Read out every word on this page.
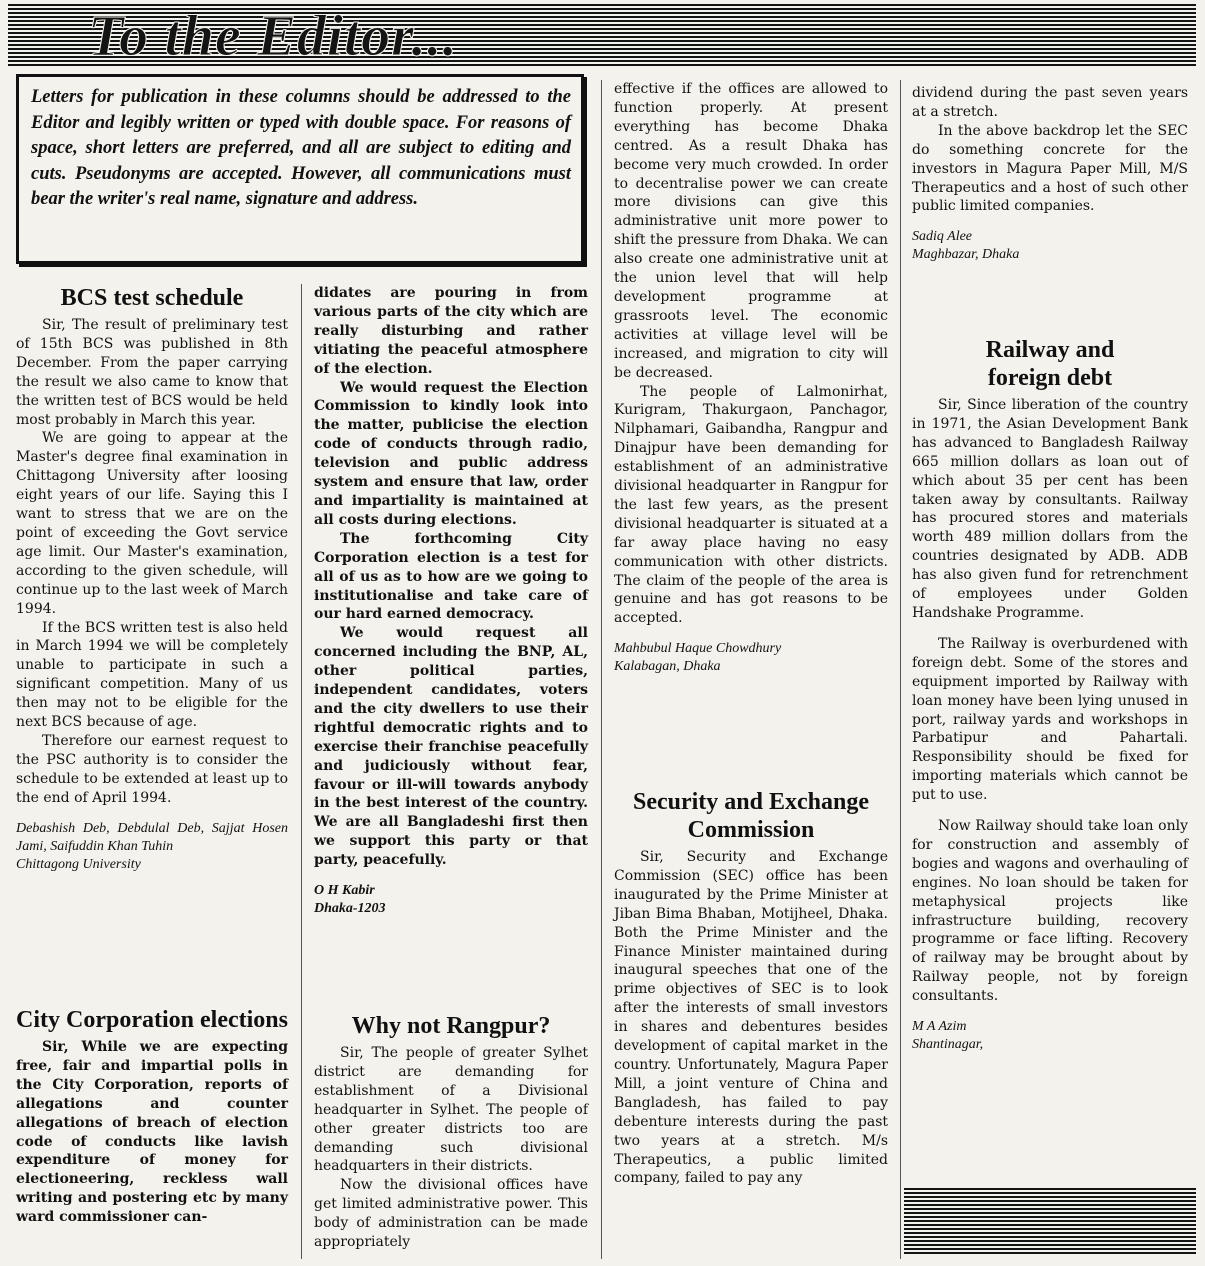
To the Editor...

Letters for publication in these columns should be addressed to the Editor and legibly written or typed with double space. For reasons of space, short letters are preferred, and all are subject to editing and cuts. Pseudonyms are accepted. However, all communications must bear the writer's real name, signature and address.

BCS test schedule

Sir, The result of preliminary test of 15th BCS was published in 8th December. From the paper carrying the result we also came to know that the written test of BCS would be held most probably in March this year.

We are going to appear at the Master's degree final examination in Chittagong University after loosing eight years of our life. Saying this I want to stress that we are on the point of exceeding the Govt service age limit. Our Master's examination, according to the given schedule, will continue up to the last week of March 1994.

If the BCS written test is also held in March 1994 we will be completely unable to participate in such a significant competition. Many of us then may not to be eligible for the next BCS because of age.

Therefore our earnest request to the PSC authority is to consider the schedule to be extended at least up to the end of April 1994.

Debashish Deb, Debdulal Deb, Sajjat Hosen Jami, Saifuddin Khan Tuhin

Chittagong University

City Corporation elections

Sir, While we are expecting free, fair and impartial polls in the City Corporation, reports of allegations and counter allegations of breach of election code of conducts like lavish expenditure of money for electioneering, reckless wall writing and postering etc by many ward commissioner can-

didates are pouring in from various parts of the city which are really disturbing and rather vitiating the peaceful atmosphere of the election.

We would request the Election Commission to kindly look into the matter, publicise the election code of conducts through radio, television and public address system and ensure that law, order and impartiality is maintained at all costs during elections.

The forthcoming City Corporation election is a test for all of us as to how are we going to institutionalise and take care of our hard earned democracy.

We would request all concerned including the BNP, AL, other political parties, independent candidates, voters and the city dwellers to use their rightful democratic rights and to exercise their franchise peacefully and judiciously without fear, favour or ill-will towards anybody in the best interest of the country. We are all Bangladeshi first then we support this party or that party, peacefully.

O H Kabir

Dhaka-1203

Why not Rangpur?

Sir, The people of greater Sylhet district are demanding for establishment of a Divisional headquarter in Sylhet. The people of other greater districts too are demanding such divisional headquarters in their districts.

Now the divisional offices have get limited administrative power. This body of administration can be made appropriately

effective if the offices are allowed to function properly. At present everything has become Dhaka centred. As a result Dhaka has become very much crowded. In order to decentralise power we can create more divisions can give this administrative unit more power to shift the pressure from Dhaka. We can also create one administrative unit at the union level that will help development programme at grassroots level. The economic activities at village level will be increased, and migration to city will be decreased.

The people of Lalmonirhat, Kurigram, Thakurgaon, Panchagor, Nilphamari, Gaibandha, Rangpur and Dinajpur have been demanding for establishment of an administrative divisional headquarter in Rangpur for the last few years, as the present divisional headquarter is situated at a far away place having no easy communication with other districts. The claim of the people of the area is genuine and has got reasons to be accepted.

Mahbubul Haque Chowdhury

Kalabagan, Dhaka

Security and Exchange Commission

Sir, Security and Exchange Commission (SEC) office has been inaugurated by the Prime Minister at Jiban Bima Bhaban, Motijheel, Dhaka. Both the Prime Minister and the Finance Minister maintained during inaugural speeches that one of the prime objectives of SEC is to look after the interests of small investors in shares and debentures besides development of capital market in the country. Unfortunately, Magura Paper Mill, a joint venture of China and Bangladesh, has failed to pay debenture interests during the past two years at a stretch. M/s Therapeutics, a public limited company, failed to pay any

dividend during the past seven years at a stretch.

In the above backdrop let the SEC do something concrete for the investors in Magura Paper Mill, M/S Therapeutics and a host of such other public limited companies.

Sadiq Alee

Maghbazar, Dhaka

Railway and foreign debt

Sir, Since liberation of the country in 1971, the Asian Development Bank has advanced to Bangladesh Railway 665 million dollars as loan out of which about 35 per cent has been taken away by consultants. Railway has procured stores and materials worth 489 million dollars from the countries designated by ADB. ADB has also given fund for retrenchment of employees under Golden Handshake Programme.

The Railway is overburdened with foreign debt. Some of the stores and equipment imported by Railway with loan money have been lying unused in port, railway yards and workshops in Parbatipur and Pahartali. Responsibility should be fixed for importing materials which cannot be put to use.

Now Railway should take loan only for construction and assembly of bogies and wagons and overhauling of engines. No loan should be taken for metaphysical projects like infrastructure building, recovery programme or face lifting. Recovery of railway may be brought about by Railway people, not by foreign consultants.

M A Azim

Shantinagar,
